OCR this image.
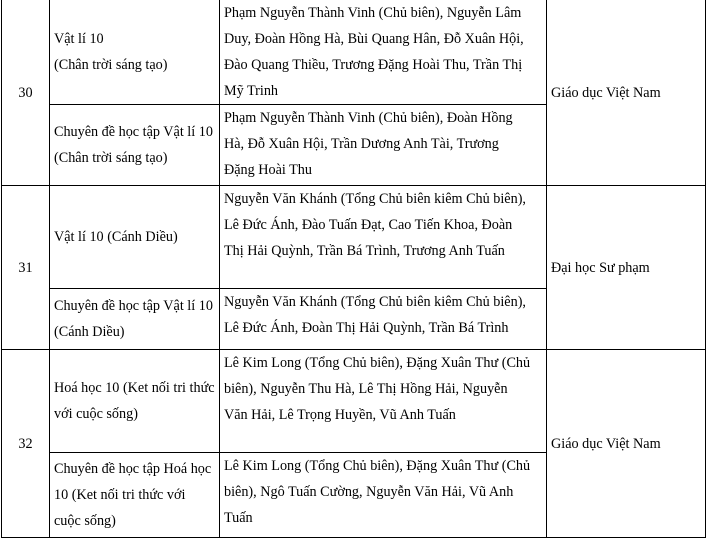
30	Vật lí 10
(Chân trời sáng tạo)	Phạm Nguyễn Thành Vinh (Chủ biên), Nguyễn Lâm
Duy, Đoàn Hồng Hà, Bùi Quang Hân, Đỗ Xuân Hội,
Đào Quang Thiều, Trương Đặng Hoài Thu, Trần Thị
Mỹ Trinh	Giáo dục Việt Nam

	Chuyên đề học tập Vật lí 10
(Chân trời sáng tạo)	Phạm Nguyễn Thành Vinh (Chủ biên), Đoàn Hồng
Hà, Đỗ Xuân Hội, Trần Dương Anh Tài, Trương
Đặng Hoài Thu	

31	Vật lí 10 (Cánh Diều)	Nguyễn Văn Khánh (Tổng Chủ biên kiêm Chủ biên),
Lê Đức Ánh, Đào Tuấn Đạt, Cao Tiến Khoa, Đoàn
Thị Hải Quỳnh, Trần Bá Trình, Trương Anh Tuấn	Đại học Sư phạm

	Chuyên đề học tập Vật lí 10
(Cánh Diều)	Nguyễn Văn Khánh (Tổng Chủ biên kiêm Chủ biên),
Lê Đức Ánh, Đoàn Thị Hải Quỳnh, Trần Bá Trình	

32	Hoá học 10 (Ket nối tri thức
với cuộc sống)	Lê Kim Long (Tổng Chủ biên), Đặng Xuân Thư (Chủ
biên), Nguyễn Thu Hà, Lê Thị Hồng Hải, Nguyễn
Văn Hải, Lê Trọng Huyền, Vũ Anh Tuấn	Giáo dục Việt Nam

	Chuyên đề học tập Hoá học
10 (Ket nối tri thức với
cuộc sống)	Lê Kim Long (Tổng Chủ biên), Đặng Xuân Thư (Chủ
biên), Ngô Tuấn Cường, Nguyễn Văn Hải, Vũ Anh
Tuấn	
